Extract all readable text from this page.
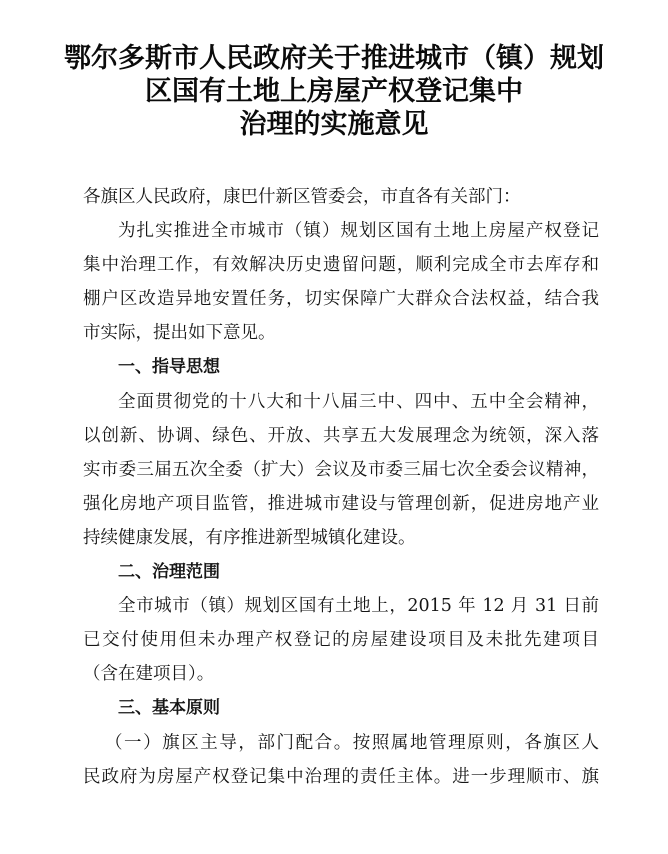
鄂尔多斯市人民政府关于推进城市（镇）规划
区国有土地上房屋产权登记集中
治理的实施意见
各旗区人民政府，康巴什新区管委会，市直各有关部门：
为扎实推进全市城市（镇）规划区国有土地上房屋产权登记
集中治理工作，有效解决历史遗留问题，顺利完成全市去库存和
棚户区改造异地安置任务，切实保障广大群众合法权益，结合我
市实际，提出如下意见。
一、指导思想
全面贯彻党的十八大和十八届三中、四中、五中全会精神，
以创新、协调、绿色、开放、共享五大发展理念为统领，深入落
实市委三届五次全委（扩大）会议及市委三届七次全委会议精神，
强化房地产项目监管，推进城市建设与管理创新，促进房地产业
持续健康发展，有序推进新型城镇化建设。
二、治理范围
全市城市（镇）规划区国有土地上，2015 年 12 月 31 日前
已交付使用但未办理产权登记的房屋建设项目及未批先建项目
（含在建项目）。
三、基本原则
（一）旗区主导，部门配合。按照属地管理原则，各旗区人
民政府为房屋产权登记集中治理的责任主体。进一步理顺市、旗
